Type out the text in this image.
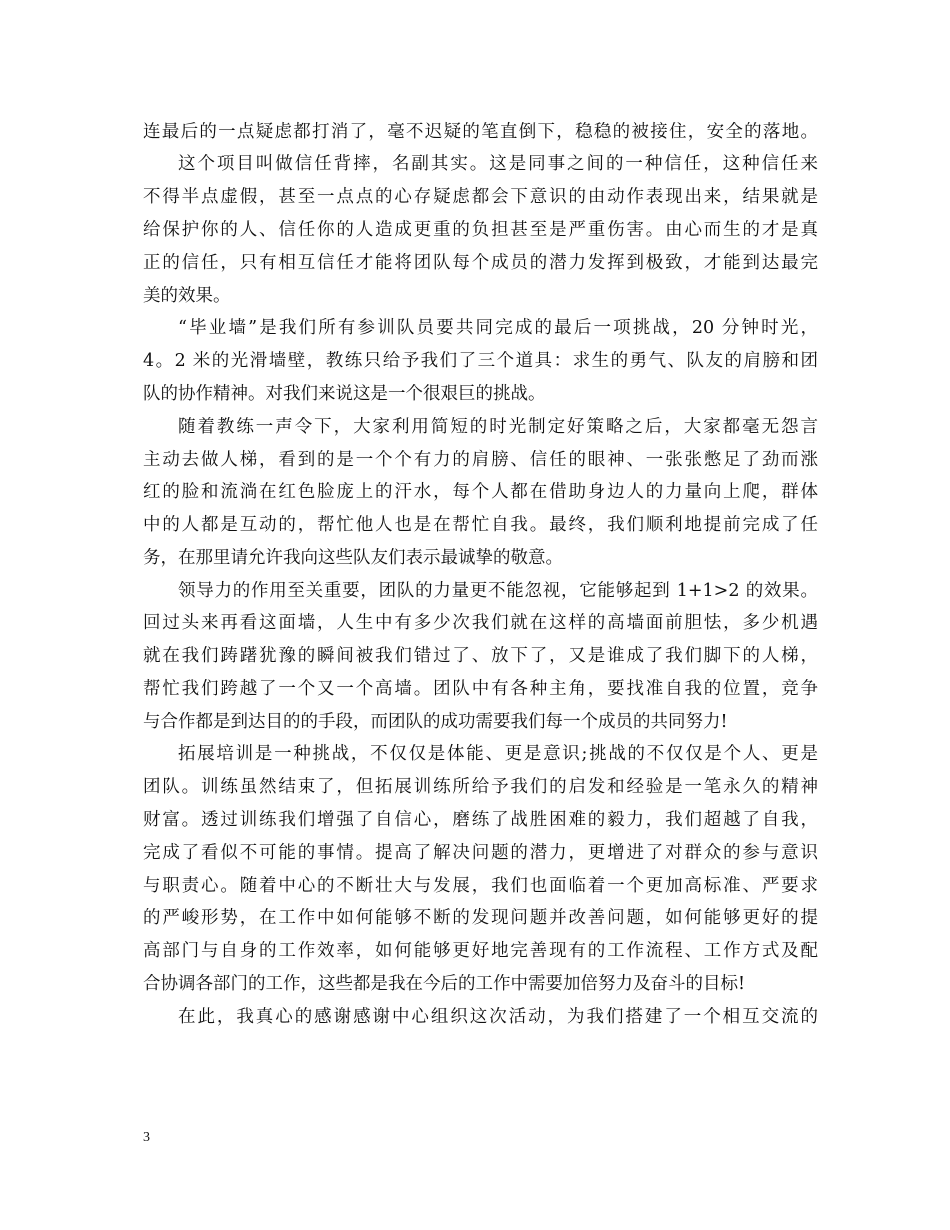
连最后的一点疑虑都打消了，毫不迟疑的笔直倒下，稳稳的被接住，安全的落地。
这个项目叫做信任背摔，名副其实。这是同事之间的一种信任，这种信任来
不得半点虚假，甚至一点点的心存疑虑都会下意识的由动作表现出来，结果就是
给保护你的人、信任你的人造成更重的负担甚至是严重伤害。由心而生的才是真
正的信任，只有相互信任才能将团队每个成员的潜力发挥到极致，才能到达最完
美的效果。
“毕业墙”是我们所有参训队员要共同完成的最后一项挑战，20 分钟时光，
4。2 米的光滑墙壁，教练只给予我们了三个道具：求生的勇气、队友的肩膀和团
队的协作精神。对我们来说这是一个很艰巨的挑战。
随着教练一声令下，大家利用简短的时光制定好策略之后，大家都毫无怨言
主动去做人梯，看到的是一个个有力的肩膀、信任的眼神、一张张憋足了劲而涨
红的脸和流淌在红色脸庞上的汗水，每个人都在借助身边人的力量向上爬，群体
中的人都是互动的，帮忙他人也是在帮忙自我。最终，我们顺利地提前完成了任
务，在那里请允许我向这些队友们表示最诚挚的敬意。
领导力的作用至关重要，团队的力量更不能忽视，它能够起到 1+1>2 的效果。
回过头来再看这面墙，人生中有多少次我们就在这样的高墙面前胆怯，多少机遇
就在我们踌躇犹豫的瞬间被我们错过了、放下了，又是谁成了我们脚下的人梯，
帮忙我们跨越了一个又一个高墙。团队中有各种主角，要找准自我的位置，竞争
与合作都是到达目的的手段，而团队的成功需要我们每一个成员的共同努力!
拓展培训是一种挑战，不仅仅是体能、更是意识;挑战的不仅仅是个人、更是
团队。训练虽然结束了，但拓展训练所给予我们的启发和经验是一笔永久的精神
财富。透过训练我们增强了自信心，磨练了战胜困难的毅力，我们超越了自我，
完成了看似不可能的事情。提高了解决问题的潜力，更增进了对群众的参与意识
与职责心。随着中心的不断壮大与发展，我们也面临着一个更加高标准、严要求
的严峻形势，在工作中如何能够不断的发现问题并改善问题，如何能够更好的提
高部门与自身的工作效率，如何能够更好地完善现有的工作流程、工作方式及配
合协调各部门的工作，这些都是我在今后的工作中需要加倍努力及奋斗的目标!
在此，我真心的感谢感谢中心组织这次活动，为我们搭建了一个相互交流的
3
